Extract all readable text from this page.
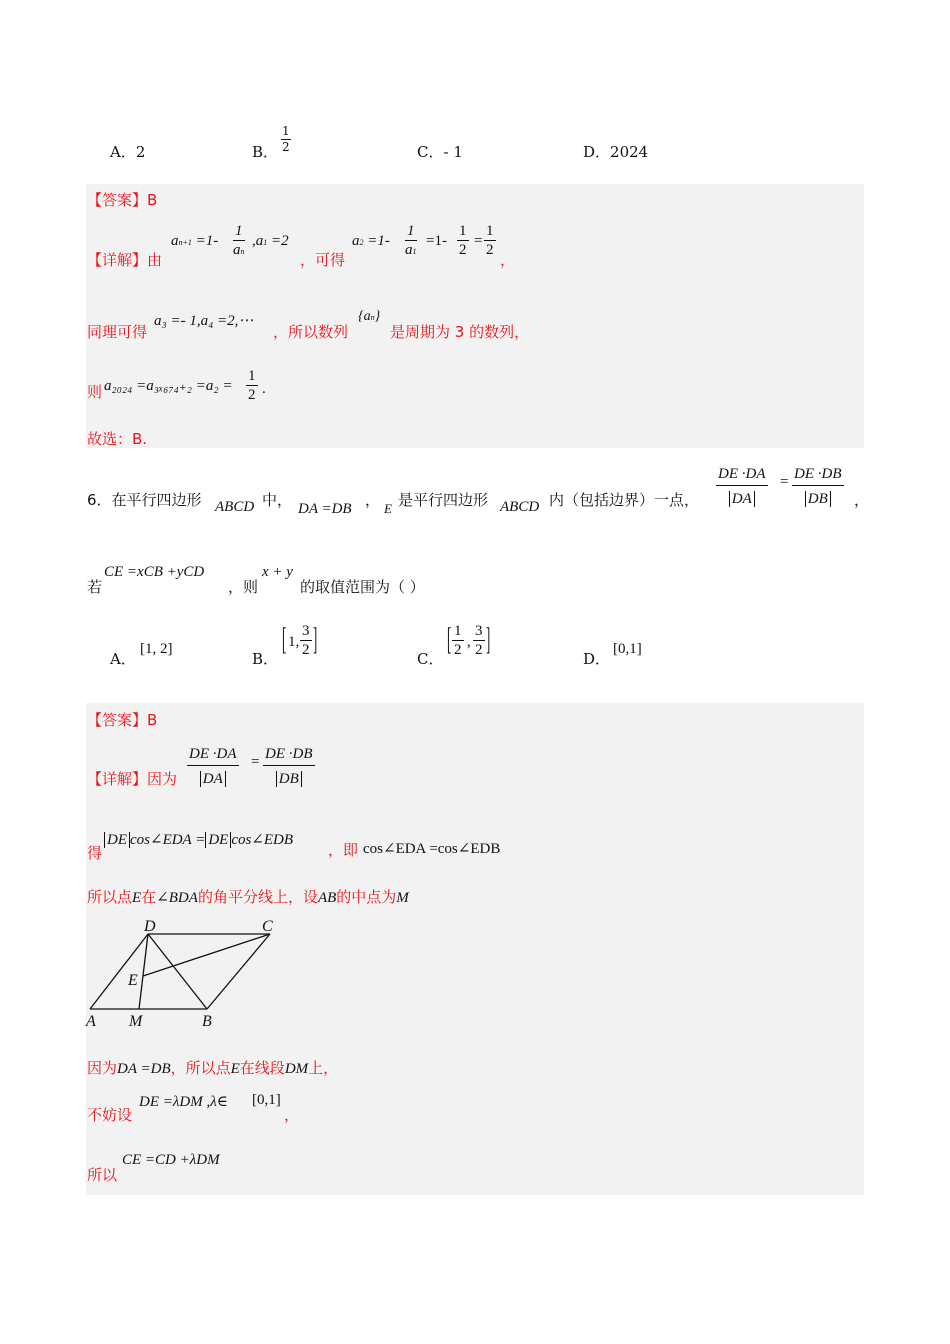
A．2	B．
1
2	C．- 1	D．2024
【答案】B
【详解】由
$an+1 =1- \frac{1}{an} ,a1 =2$
，可得
$a2 =1- \frac{1}{a1} =1- \frac{1}{2} = \frac{1}{2}$
，
同理可得
a₃ =- 1,a₄ =2,⋯
，所以数列
{an}
是周期为 3 的数列，
则 $a_{2024} =a_{3x674+2} =a_2 = \frac{1}{2}$ .
故选：B.
6．在平行四边形 ABCD 中， DA =DB ， E 是平行四边形 ABCD 内（包括边界）一点， $\frac{DE \cdot DA}{DA} = \frac{DE \cdot DB}{DB}$ ，
若
CE =xCB +yCD
，则
x + y
的取值范围为（ ）
A．
[1, 2]
B．
[ 1, $\frac{3}{2}$ ]
C．
[ $\frac{1}{2}$ , $\frac{3}{2}$ ]
D．
[0,1]
【答案】B
【详解】因为 $\frac{DE \cdot DA}{DA} = \frac{DE \cdot DB}{DB}$
得
DE cos∠EDA = DE cos∠EDB
，即 cos∠EDA =cos∠EDB
所以点E在∠BDA的角平分线上，设AB的中点为M
D	C
E
A M	B
因为DA =DB，所以点E在线段DM上，
不妨设
DE =λDM ,λ∈ [0,1]
，
所以
CE =CD +λDM
